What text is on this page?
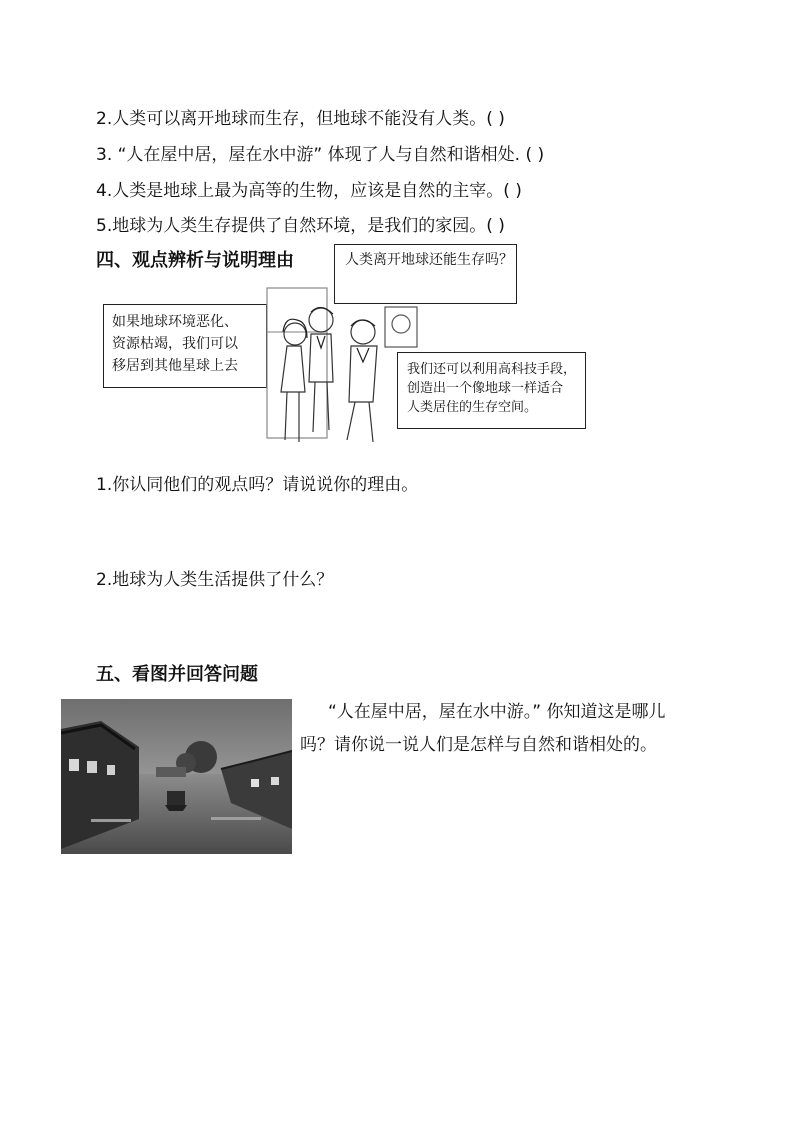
2.人类可以离开地球而生存，但地球不能没有人类。( )
3. “人在屋中居，屋在水中游” 体现了人与自然和谐相处. ( )
4.人类是地球上最为高等的生物，应该是自然的主宰。( )
5.地球为人类生存提供了自然环境，是我们的家园。( )
四、观点辨析与说明理由	人类离开地球还能生存吗？
如果地球环境恶化、
资源枯竭，我们可以
移居到其他星球上去	我们还可以利用高科技手段，
创造出一个像地球一样适合
人类居住的生存空间。
1.你认同他们的观点吗？请说说你的理由。
2.地球为人类生活提供了什么？
五、看图并回答问题
“人在屋中居，屋在水中游。” 你知道这是哪儿
吗？请你说一说人们是怎样与自然和谐相处的。
